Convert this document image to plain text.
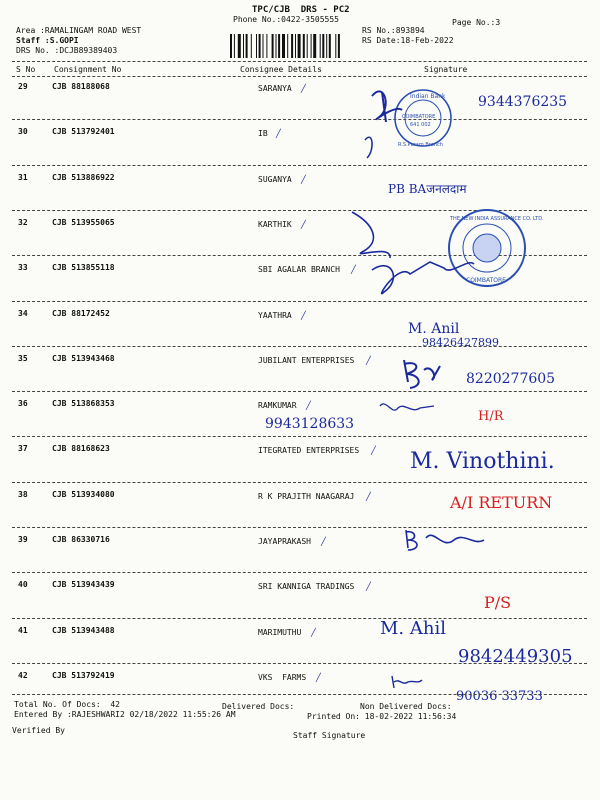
TPC/CJB  DRS - PC2
Phone No.:0422-3505555
Area :RAMALINGAM ROAD WEST
Staff :S.GOPI
DRS No. :DCJB89389403
RS No.:893894
RS Date:18-Feb-2022
Page No.:3
S No Consignment No	Consignee Details	Signature
29	CJB 88188068	SARANYA ╱
30	CJB 513792401	IB ╱
31	CJB 513886922	SUGANYA ╱
32	CJB 513955065	KARTHIK ╱
33	CJB 513855118	SBI AGALAR BRANCH ╱
34	CJB 88172452	YAATHRA ╱
35	CJB 513943468	JUBILANT ENTERPRISES ╱
36	CJB 513868353	RAMKUMAR ╱
37	CJB 88168623	ITEGRATED ENTERPRISES ╱
38	CJB 513934080	R K PRAJITH NAAGARAJ ╱
39	CJB 86330716	JAYAPRAKASH ╱
40	CJB 513943439	SRI KANNIGA TRADINGS ╱
41	CJB 513943488	MARIMUTHU ╱
42	CJB 513792419	VKS  FARMS ╱
Indian Bank
COIMBATORE
641 002
R.S.Puram Branch
9344376235
PB BAजनलदाम
THE NEW INDIA ASSURANCE CO. LTD.
COIMBATORE
M. Anil
98426427899
8220277605
9943128633	H/R
M. Vinothini.
A/I RETURN
P/S
M. Ahil
9842449305
90036 33733
Total No. Of Docs:  42	Delivered Docs:	Non Delivered Docs:
Entered By :RAJESHWARI2 02/18/2022 11:55:26 AM	Printed On: 18-02-2022 11:56:34
Verified By
Staff Signature
